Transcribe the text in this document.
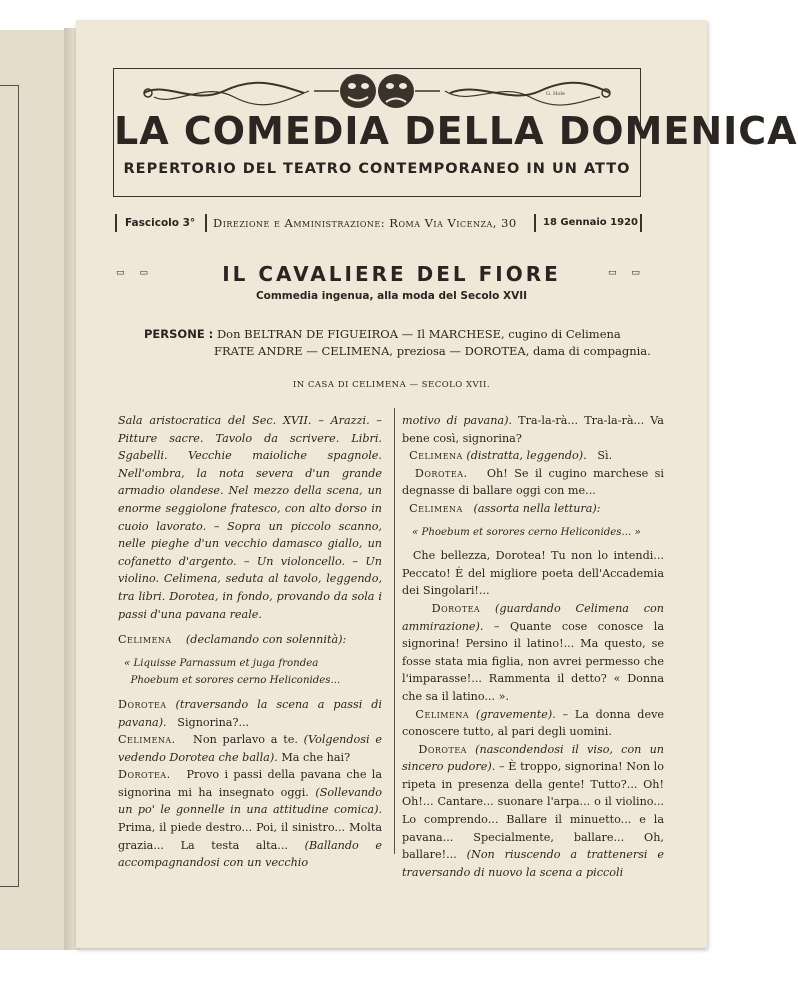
G. Hole
LA COMEDIA DELLA DOMENICA
REPERTORIO DEL TEATRO CONTEMPORANEO IN UN ATTO
Fascicolo 3° Direzione e Amministrazione: Roma Via Vicenza, 30	18 Gennaio 1920
▭ ▭	IL CAVALIERE DEL FIORE	▭ ▭
Commedia ingenua, alla moda del Secolo XVII
PERSONE : Don BELTRAN DE FIGUEIROA — Il MARCHESE, cugino di Celimena
FRATE ANDRE — CELIMENA, preziosa — DOROTEA, dama di compagnia.
IN CASA DI CELIMENA — SECOLO XVII.

Sala aristocratica del Sec. XVII. – Arazzi. – Pitture sacre. Tavolo da scrivere. Libri. Sgabelli. Vecchie maioliche spagnole. Nell'ombra, la nota severa d'un grande armadio olandese. Nel mezzo della scena, un enorme seggiolone fratesco, con alto dorso in cuoio lavorato. – Sopra un piccolo scanno, nelle pieghe d'un vecchio damasco giallo, un cofanetto d'argento. – Un violoncello. – Un violino. Celimena, seduta al tavolo, leggendo, tra libri. Dorotea, in fondo, provando da sola i passi d'una pavana reale.

Celimena (declamando con solennità):

« Liquisse Parnassum et juga frondea
Phoebum et sorores cerno Heliconides...

Dorotea (traversando la scena a passi di pavana). Signorina?...

Celimena. Non parlavo a te. (Volgendosi e vedendo Dorotea che balla). Ma che hai?

Dorotea. Provo i passi della pavana che la signorina mi ha insegnato oggi. (Sollevando un po' le gonnelle in una attitudine comica). Prima, il piede destro... Poi, il sinistro... Molta grazia... La testa alta... (Ballando e accompagnandosi con un vecchio

motivo di pavana). Tra-la-rà... Tra-la-rà... Va bene così, signorina?

Celimena (distratta, leggendo). Sì.

Dorotea. Oh! Se il cugino marchese si degnasse di ballare oggi con me...

Celimena (assorta nella lettura):

« Phoebum et sorores cerno Heliconides... »

Che bellezza, Dorotea! Tu non lo intendi... Peccato! È del migliore poeta dell'Accademia dei Singolari!...

Dorotea (guardando Celimena con ammirazione). – Quante cose conosce la signorina! Persino il latino!... Ma questo, se fosse stata mia figlia, non avrei permesso che l'imparasse!... Rammenta il detto? « Donna che sa il latino... ».

Celimena (gravemente). – La donna deve conoscere tutto, al pari degli uomini.

Dorotea (nascondendosi il viso, con un sincero pudore). – È troppo, signorina! Non lo ripeta in presenza della gente! Tutto?... Oh! Oh!... Cantare... suonare l'arpa... o il violino... Lo comprendo... Ballare il minuetto... e la pavana... Specialmente, ballare... Oh, ballare!... (Non riuscendo a trattenersi e traversando di nuovo la scena a piccoli
